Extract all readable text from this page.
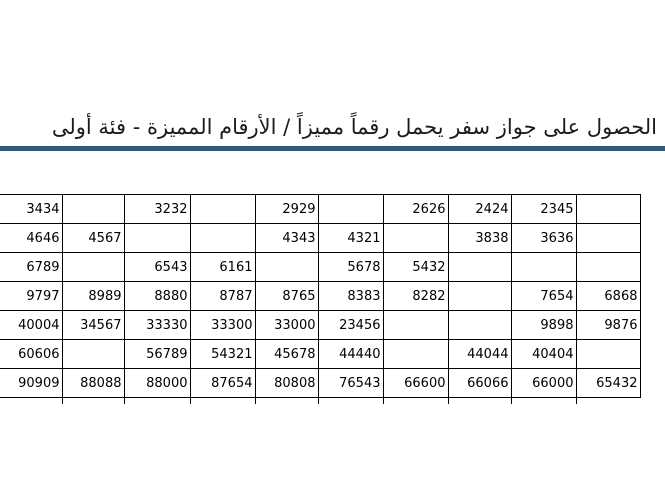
الحصول على جواز سفر يحمل رقماً مميزاً / الأرقام المميزة - فئة أولى
3434		3232		2929		2626	2424	2345	
4646	4567			4343	4321		3838	3636	
6789		6543	6161		5678	5432			
9797	8989	8880	8787	8765	8383	8282		7654	6868
40004	34567	33330	33300	33000	23456			9898	9876
60606		56789	54321	45678	44440		44044	40404	
90909	88088	88000	87654	80808	76543	66600	66066	66000	65432
